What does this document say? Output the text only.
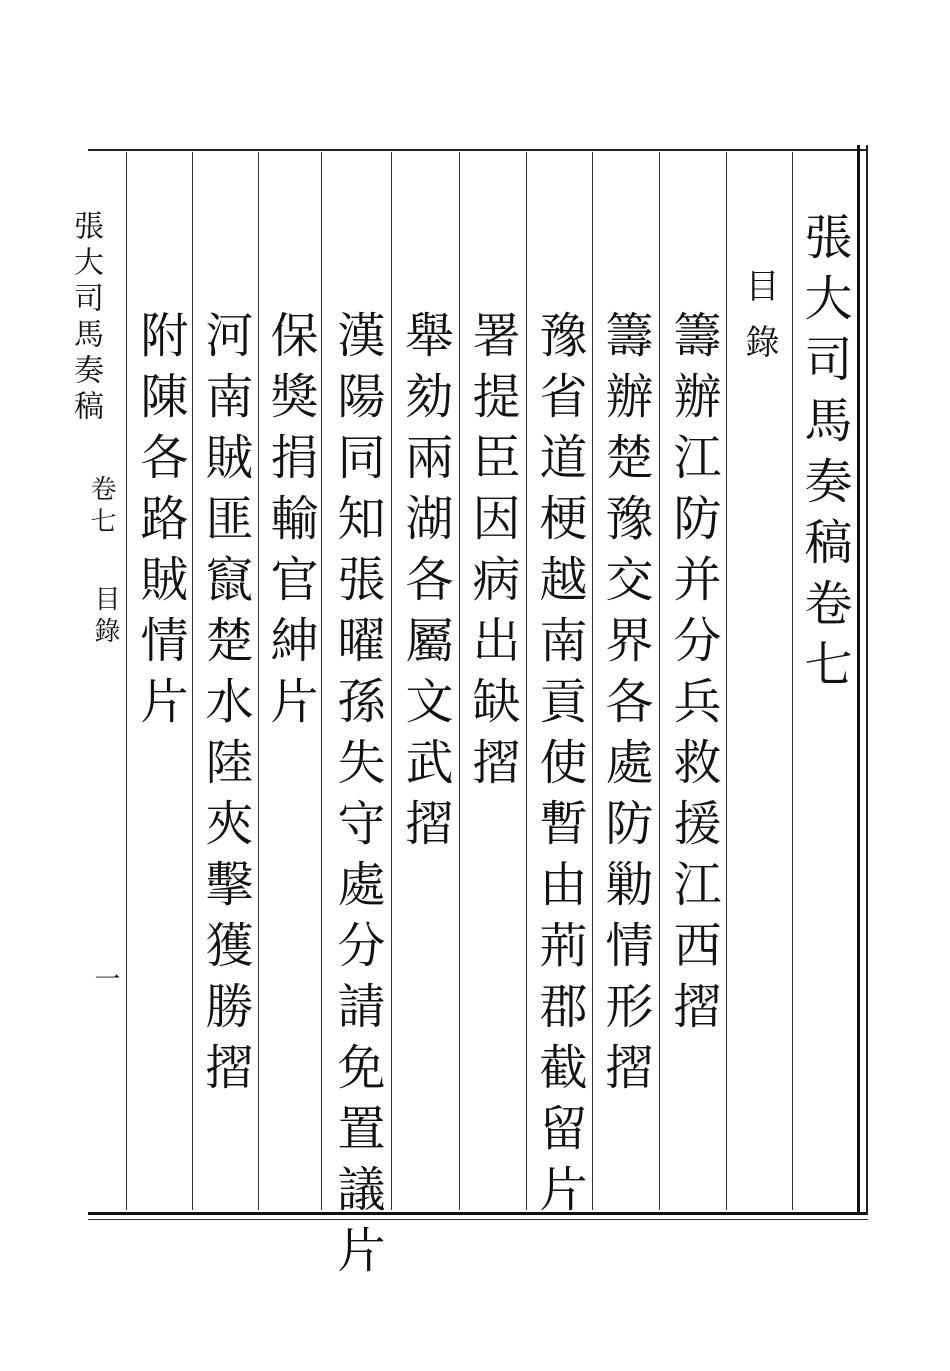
張大司馬奏稿卷七
目錄
籌辦江防并分兵救援江西摺
籌辦楚豫交界各處防勦情形摺
豫省道梗越南貢使暫由荊郡截留片
署提臣因病出缺摺
舉劾兩湖各屬文武摺
漢陽同知張曜孫失守處分請免置議片
保獎捐輸官紳片
河南賊匪竄楚水陸夾擊獲勝摺
附陳各路賊情片
張大司馬奏稿
卷七
目錄
一
